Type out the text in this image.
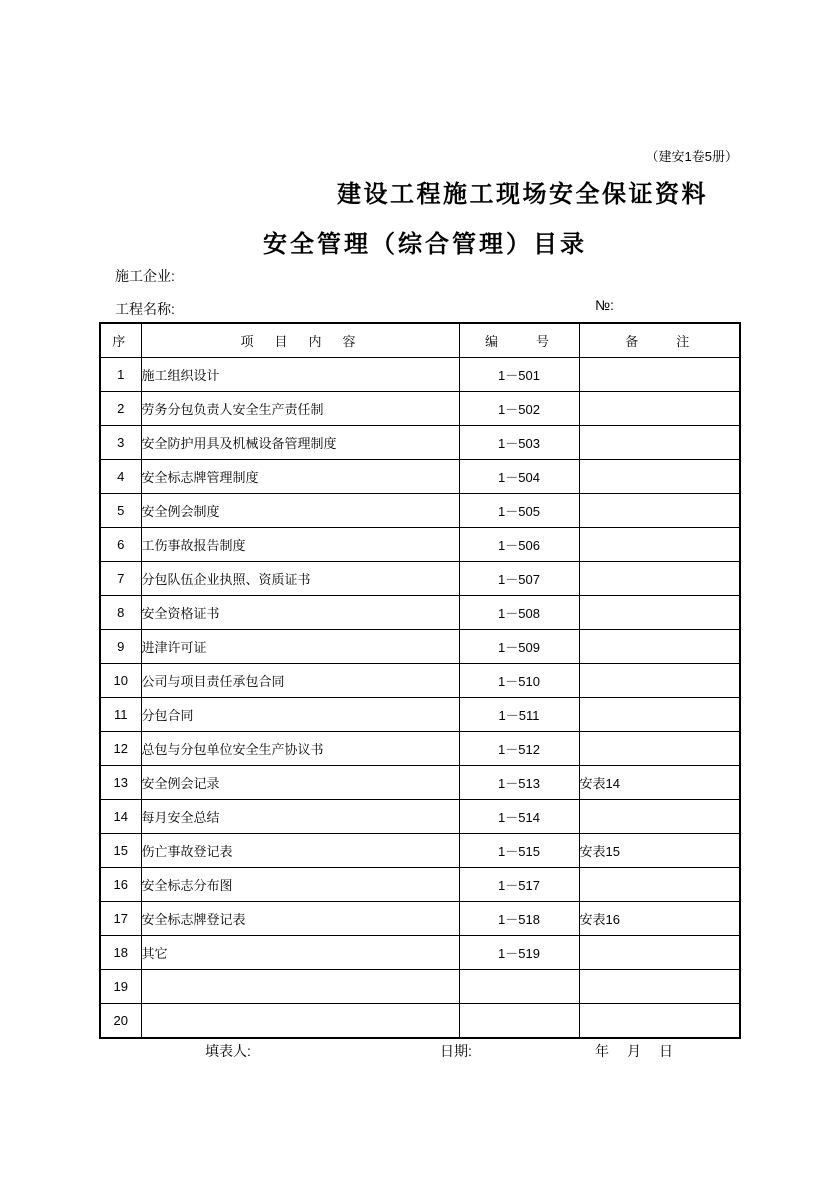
（建安1卷5册）
建设工程施工现场安全保证资料
安全管理（综合管理）目录
施工企业:
工程名称:	№:
序	项　目　内　容	编　　号	备　　注
1	施工组织设计	1－501	
2	劳务分包负责人安全生产责任制	1－502	
3	安全防护用具及机械设备管理制度	1－503	
4	安全标志牌管理制度	1－504	
5	安全例会制度	1－505	
6	工伤事故报告制度	1－506	
7	分包队伍企业执照、资质证书	1－507	
8	安全资格证书	1－508	
9	进津许可证	1－509	
10	公司与项目责任承包合同	1－510	
11	分包合同	1－511	
12	总包与分包单位安全生产协议书	1－512	
13	安全例会记录	1－513	安表14
14	每月安全总结	1－514	
15	伤亡事故登记表	1－515	安表15
16	安全标志分布图	1－517	
17	安全标志牌登记表	1－518	安表16
18	其它	1－519	
19			
20			
填表人:	日期:	年　月　日
